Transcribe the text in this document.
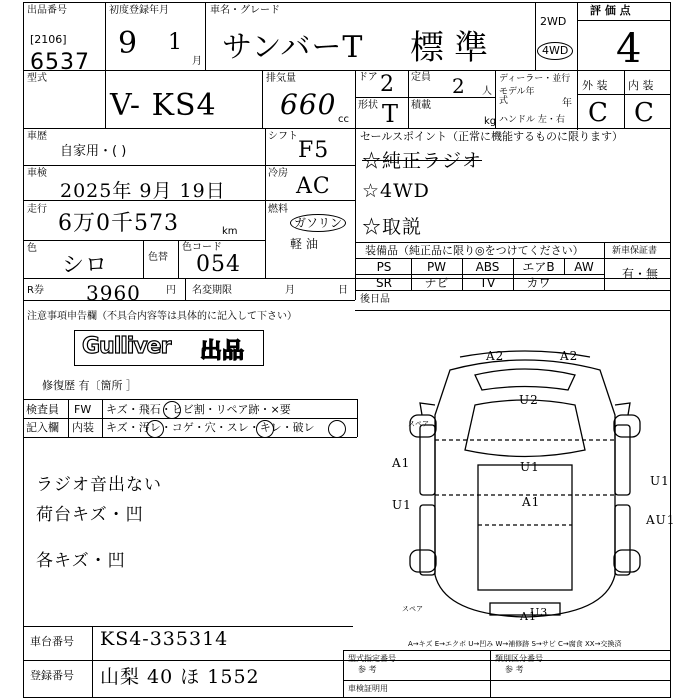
出品番号
[2106]
6537
初度登録年月
9 1
月
車名・グレード
サンバーT 標準
2WD
4WD
評 価 点
4
型式
V- KS4
排気量
660 cc
ドア 2
形状 T
定員 2 人
積載
kg
ディーラー・並行
モデル年式	年
ハンドル 左・右
外 装 内 装
C C
車歴
自家用・( )
シフト
F5
車検
2025年 9月 19日
冷房
AC
走行
6万0千573	km
燃料
ガソリン
軽 油
色
シロ	色替
色コード
054
R券 3960	円 名変期限	月	日
セールスポイント（正常に機能するものに限ります）
☆純正ラジオ
☆4WD
☆取説
装備品（純正品に限り◎をつけてください）	新車保証書
有・無
PS	PW	ABS	エアB	AW
SR	ナビ	TV	カワ
後日品
注意事項申告欄（不具合内容等は具体的に記入して下さい）
Gulliver 出品
修復歴 有〔箇所 ］
検査員
記入欄
FW キズ・飛石・ヒビ割・リペア跡・×要
内装 キズ・汚レ・コゲ・穴・スレ・キレ・破レ
ラジオ音出ない
荷台キズ・凹
各キズ・凹
A2	A2
U2
U1
A1
U1
U1
A1
AU1
A1
U3
スペア
スペア
A→キズ E→エクボ U→凹み W→補修跡 S→サビ C→腐食 XX→交換済
車台番号 KS4-335314
登録番号 山梨 40 ほ 1552
型式指定番号
参 考
類別区分番号
参 考
車検証明用
